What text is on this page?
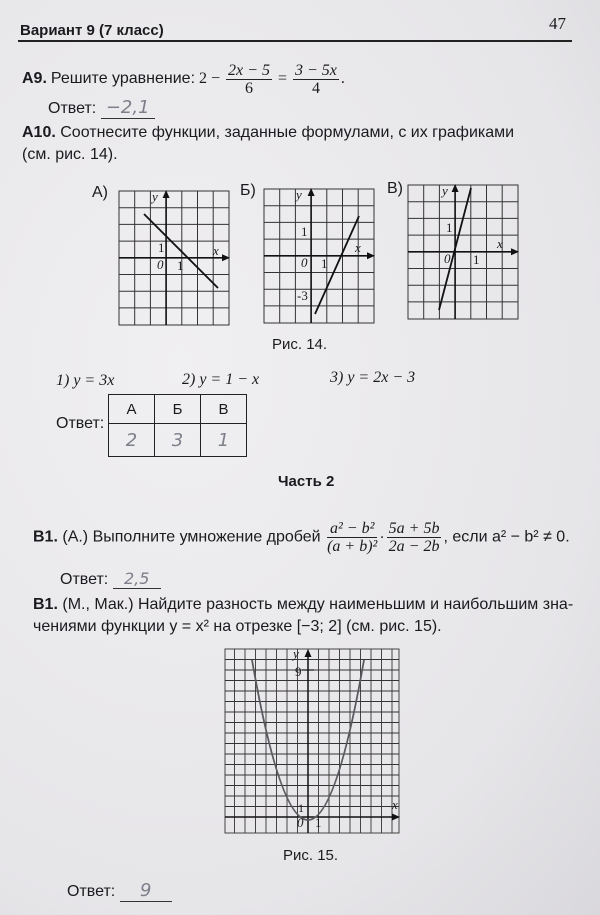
Вариант 9 (7 класс)	47
А9. Решите уравнение: $2 - \frac{2x - 5}{6} = \frac{3 - 5x}{4}$ .
Ответ: −2,1
А10. Соотнесите функции, заданные формулами, с их графиками
(см. рис. 14).
А)	Б)	В)
y
x
1
0 1
y
x
1
0 1
-3
y
x
1
0 1
Рис. 14.
1) y = 3x	2) y = 1 − x	3) y = 2x − 3
Ответ:
А	Б	В
2	3	1
Часть 2
В1. (А.) Выполните умножение дробей $\frac{\text{a² − b²}}{\text{(a + b)²}} \cdot \frac{5a + 5b}{2a - 2b}$ , если a² − b² ≠ 0.
Ответ: 2,5
В1. (М., Мак.) Найдите разность между наименьшим и наибольшим зна-
чениями функции y = x² на отрезке [−3; 2] (см. рис. 15).
y
x
9
1
0 1
Рис. 15.
Ответ: 9
